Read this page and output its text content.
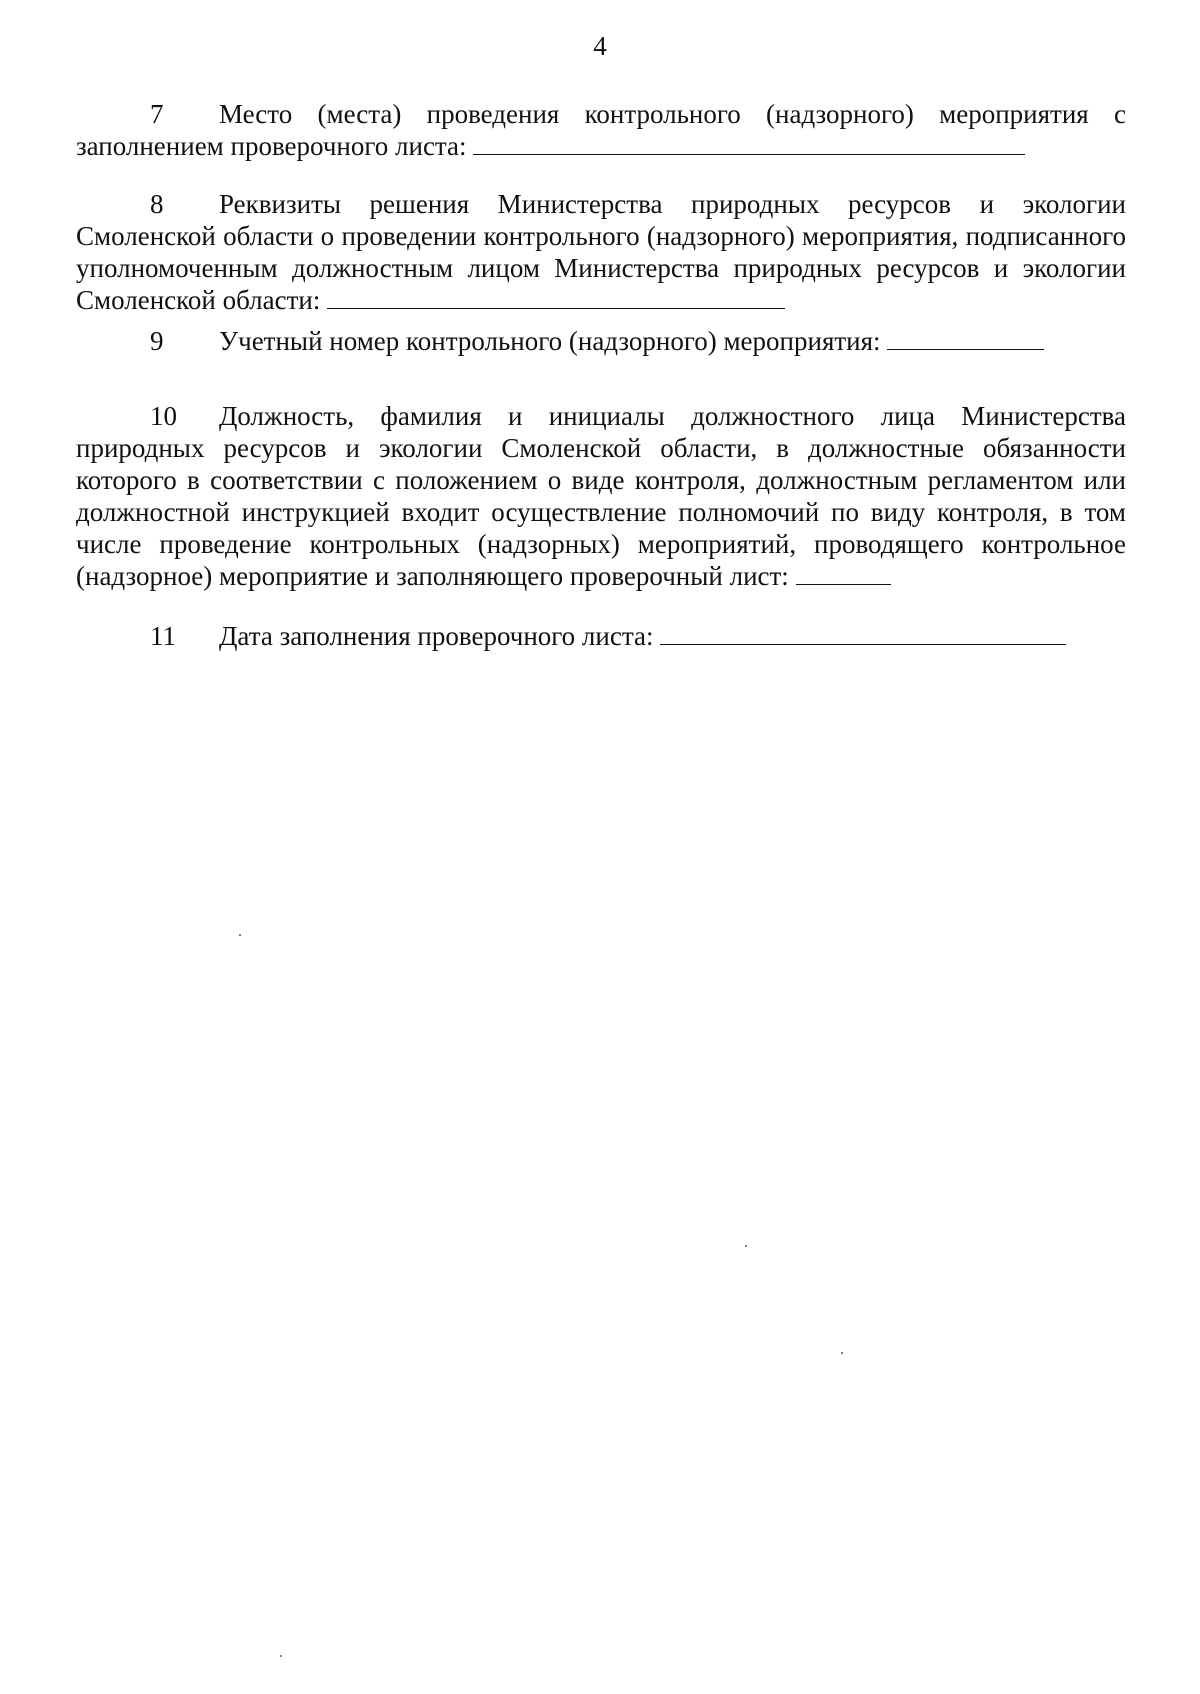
4
7 Место (места) проведения контрольного (надзорного) мероприятия с заполнением проверочного листа:
8 Реквизиты решения Министерства природных ресурсов и экологии Смоленской области о проведении контрольного (надзорного) мероприятия, подписанного уполномоченным должностным лицом Министерства природных ресурсов и экологии Смоленской области:
9 Учетный номер контрольного (надзорного) мероприятия:
10 Должность, фамилия и инициалы должностного лица Министерства природных ресурсов и экологии Смоленской области, в должностные обязанности которого в соответствии с положением о виде контроля, должностным регламентом или должностной инструкцией входит осуществление полномочий по виду контроля, в том числе проведение контрольных (надзорных) мероприятий, проводящего контрольное (надзорное) мероприятие и заполняющего проверочный лист:
11 Дата заполнения проверочного листа:
